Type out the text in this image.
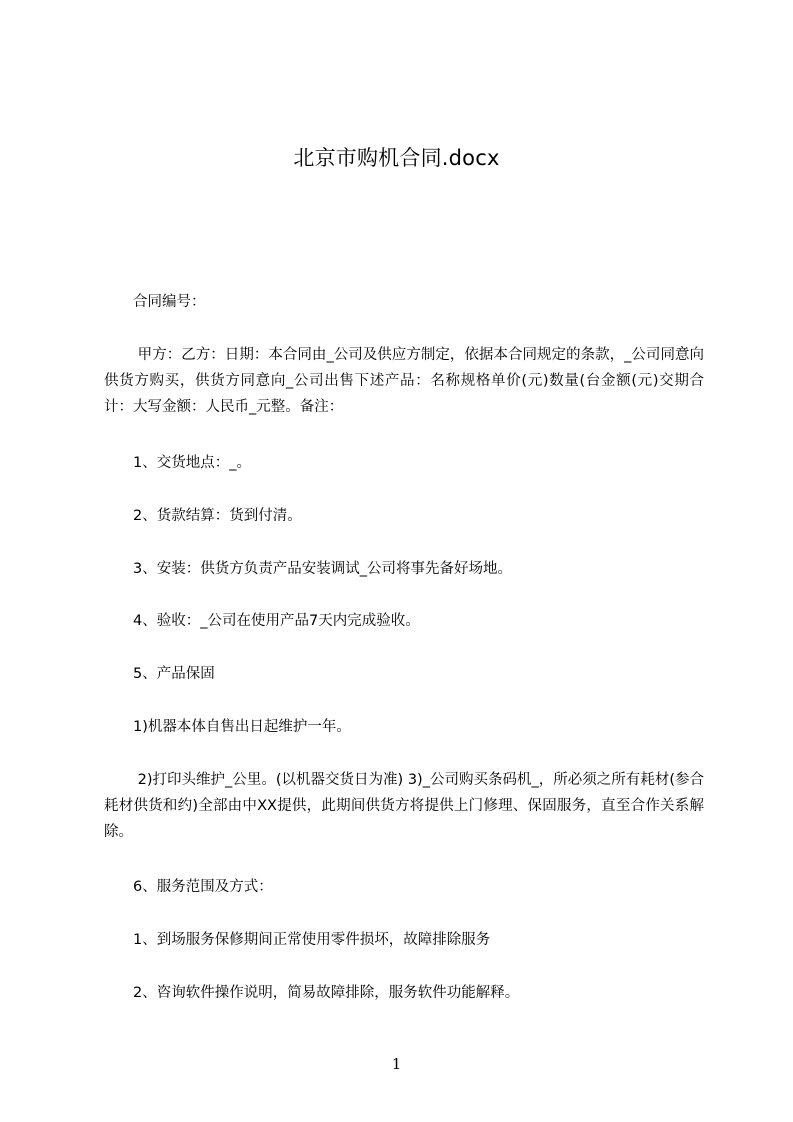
北京市购机合同.docx

　　合同编号：

　　 甲方：乙方：日期：本合同由_公司及供应方制定，依据本合同规定的条款，_公司同意向供货方购买，供货方同意向_公司出售下述产品：名称规格单价(元)数量(台金额(元)交期合计：大写金额：人民币_元整。备注：

　　1、交货地点：_。

　　2、货款结算：货到付清。

　　3、安装：供货方负责产品安装调试_公司将事先备好场地。

　　4、验收：_公司在使用产品7天内完成验收。

　　5、产品保固

　　1)机器本体自售出日起维护一年。

　　 2)打印头维护_公里。(以机器交货日为准) 3)_公司购买条码机_，所必须之所有耗材(参合耗材供货和约)全部由中XX提供，此期间供货方将提供上门修理、保固服务，直至合作关系解除。

　　6、服务范围及方式：

　　1、到场服务保修期间正常使用零件损坏，故障排除服务

　　2、咨询软件操作说明，简易故障排除，服务软件功能解释。

1
